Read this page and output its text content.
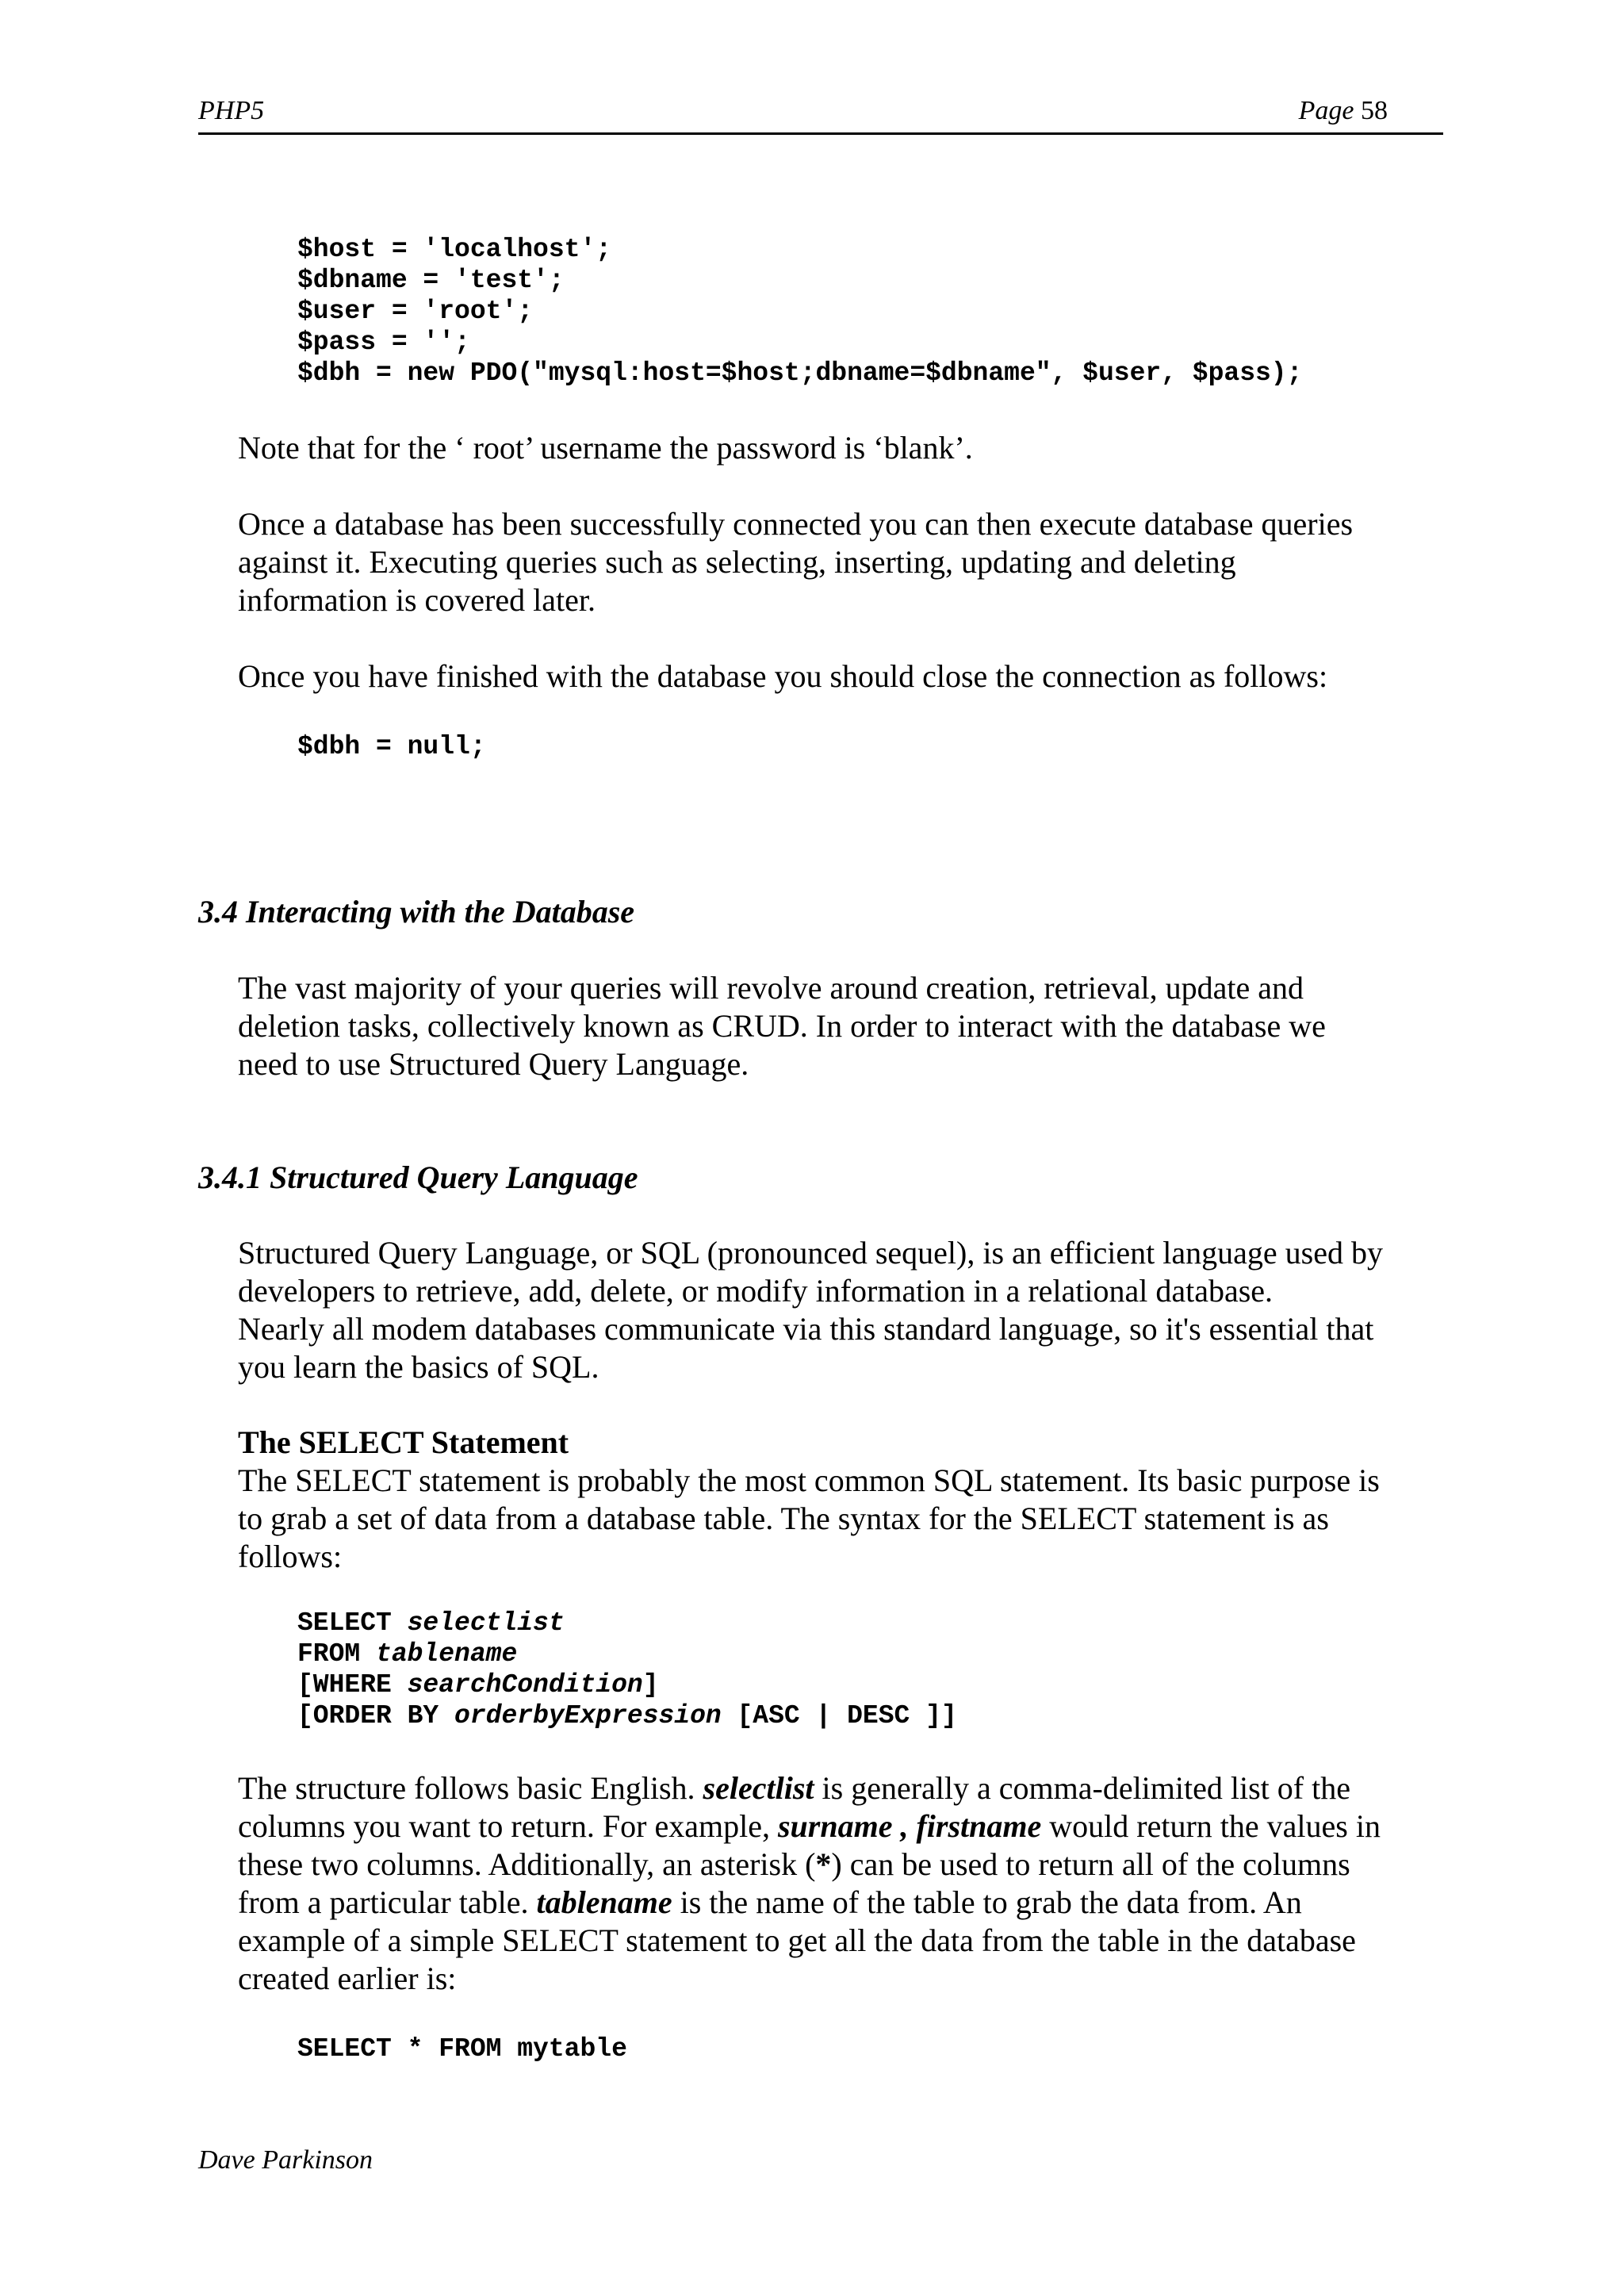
PHP5	Page 58
$host = 'localhost';
$dbname = 'test';
$user = 'root';
$pass = '';
$dbh = new PDO("mysql:host=$host;dbname=$dbname", $user, $pass);
Note that for the ‘ root’ username the password is ‘blank’.
Once a database has been successfully connected you can then execute database queries
against it. Executing queries such as selecting, inserting, updating and deleting
information is covered later.
Once you have finished with the database you should close the connection as follows:
$dbh = null;
3.4 Interacting with the Database
The vast majority of your queries will revolve around creation, retrieval, update and
deletion tasks, collectively known as CRUD. In order to interact with the database we
need to use Structured Query Language.
3.4.1 Structured Query Language
Structured Query Language, or SQL (pronounced sequel), is an efficient language used by
developers to retrieve, add, delete, or modify information in a relational database.
Nearly all modem databases communicate via this standard language, so it's essential that
you learn the basics of SQL.
The SELECT Statement
The SELECT statement is probably the most common SQL statement. Its basic purpose is
to grab a set of data from a database table. The syntax for the SELECT statement is as
follows:
SELECT selectlist
FROM tablename
[WHERE searchCondition]
[ORDER BY orderbyExpression [ASC | DESC ]]
The structure follows basic English. selectlist is generally a comma-delimited list of the
columns you want to return. For example, surname , firstname would return the values in
these two columns. Additionally, an asterisk (*) can be used to return all of the columns
from a particular table. tablename is the name of the table to grab the data from. An
example of a simple SELECT statement to get all the data from the table in the database
created earlier is:
SELECT * FROM mytable
Dave Parkinson
